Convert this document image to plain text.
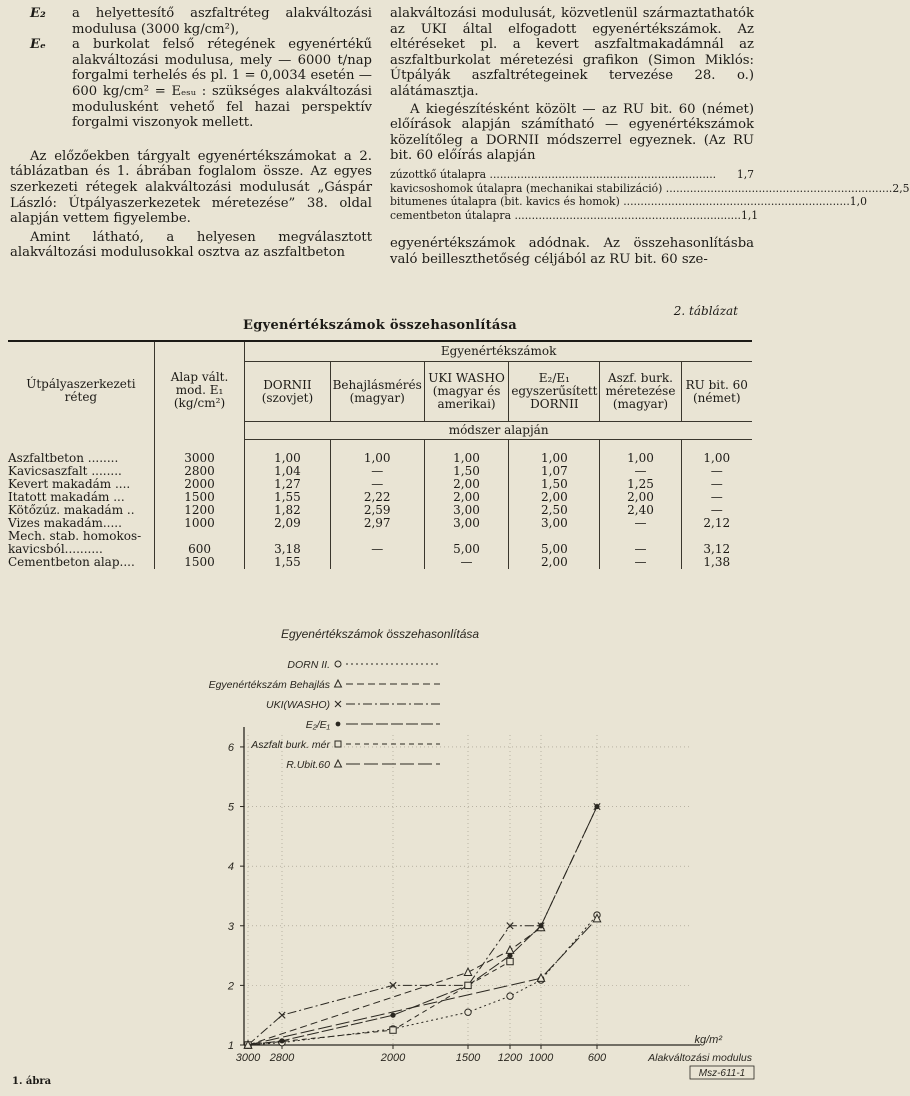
E₂	a helyettesítő aszfaltréteg alakváltozási modulusa (3000 kg/cm²),
Eₑ	a burkolat felső rétegének egyenértékű alakváltozási modulusa, mely — 6000 t/nap forgalmi terhelés és pl. 1 = 0,0034 esetén — 600 kg/cm² = Eₑₛᵤ : szükséges alakváltozási modulusként vehető fel hazai perspektív forgalmi viszonyok mellett.
Az előzőekben tárgyalt egyenértékszámokat a 2. táblázatban és 1. ábrában foglalom össze. Az egyes szerkezeti rétegek alakváltozási modulusát „Gáspár László: Útpályaszerkezetek méretezése” 38. oldal alapján vettem figyelembe.
Amint látható, a helyesen megválasztott alakváltozási modulusokkal osztva az aszfaltbeton
alakváltozási modulusát, közvetlenül származtathatók az UKI által elfogadott egyenértékszámok. Az eltéréseket pl. a kevert aszfaltmakadámnál az aszfaltburkolat méretezési grafikon (Simon Miklós: Útpályák aszfaltrétegeinek tervezése 28. o.) alátámasztja.
A kiegészítésként közölt — az RU bit. 60 (német) előírások alapján számítható — egyenértékszámok közelítőleg a DORNII módszerrel egyeznek. (Az RU bit. 60 előírás alapján
zúzottkő útalapra ..................................................................	1,7
kavicsoshomok útalapra (mechanikai stabilizáció) .................................................................. 2,5
bitumenes útalapra (bit. kavics és homok) .................................................................. 1,0
cementbeton útalapra .................................................................. 1,1
egyenértékszámok adódnak. Az összehasonlításba való beilleszthetőség céljából az RU bit. 60 sze-
2. táblázat
Egyenértékszámok összehasonlítása
Útpályaszerkezeti réteg	Alap vált. mod. E₁ (kg/cm²)	Egyenértékszámok					
		DORNII (szovjet)	Behajlásmérés (magyar)	UKI WASHO (magyar és amerikai)	E₂/E₁ egyszerűsített DORNII	Aszf. burk. méretezése (magyar)	RU bit. 60 (német)
		módszer alapján					
Aszfaltbeton ........	3000	1,00	1,00	1,00	1,00	1,00	1,00
Kavicsaszfalt ........	2800	1,04	—	1,50	1,07	—	—
Kevert makadám ....	2000	1,27	—	2,00	1,50	1,25	—
Itatott makadám ...	1500	1,55	2,22	2,00	2,00	2,00	—
Kötőzúz. makadám ..	1200	1,82	2,59	3,00	2,50	2,40	—
Vizes makadám.....	1000	2,09	2,97	3,00	3,00	—	2,12
Mech. stab. homokos-							
kavicsból..........	600	3,18	—	5,00	5,00	—	3,12
Cementbeton alap....	1500	1,55		—	2,00	—	1,38
Egyenértékszámok összehasonlítása
1
2
3
4
5
6
3000 2800	2000	1500 1200 1000	600
kg/m²
Alakváltozási modulus
Msz-611-1
DORN II.
Egyenértékszám Behajlás
UKI(WASHO)
E₂/E₁
Aszfalt burk. mér
R.Ubit.60
1. ábra
